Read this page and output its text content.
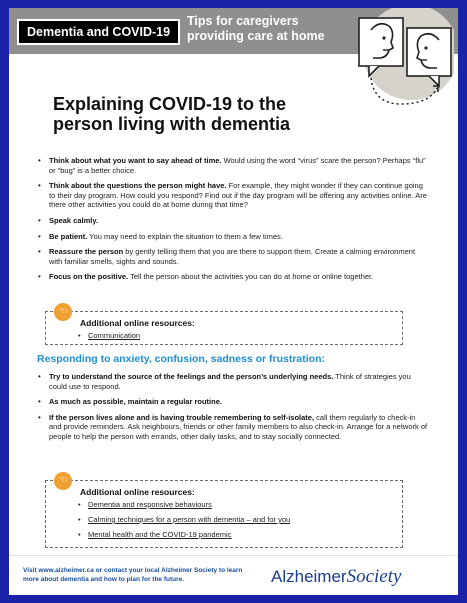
Dementia and COVID-19
Tips for caregivers
providing care at home
Explaining COVID-19 to the
person living with dementia
• Think about what you want to say ahead of time. Would using the word “virus” scare the person? Perhaps “flu” or “bug” is a better choice.
• Think about the questions the person might have. For example, they might wonder if they can continue going to their day program. How could you respond? Find out if the day program will be offering any activities online. Are there other activities you could do at home during that time?
• Speak calmly.
• Be patient. You may need to explain the situation to them a few times.
• Reassure the person by gently telling them that you are there to support them. Create a calming environment with familiar smells, sights and sounds.
• Focus on the positive. Tell the person about the activities you can do at home or online together.
☜
Additional online resources:
• Communication
Responding to anxiety, confusion, sadness or frustration:
• Try to understand the source of the feelings and the person’s underlying needs. Think of strategies you could use to respond.
• As much as possible, maintain a regular routine.
• If the person lives alone and is having trouble remembering to self-isolate, call them regularly to check-in and provide reminders. Ask neighbours, friends or other family members to also check-in. Arrange for a network of people to help the person with errands, other daily tasks, and to stay socially connected.
☜
Additional online resources:
• Dementia and responsive behaviours
• Calming techniques for a person with dementia – and for you
• Mental health and the COVID-19 pandemic
Visit www.alzheimer.ca or contact your local Alzheimer Society to learn more about dementia and how to plan for the future.	AlzheimerSociety
